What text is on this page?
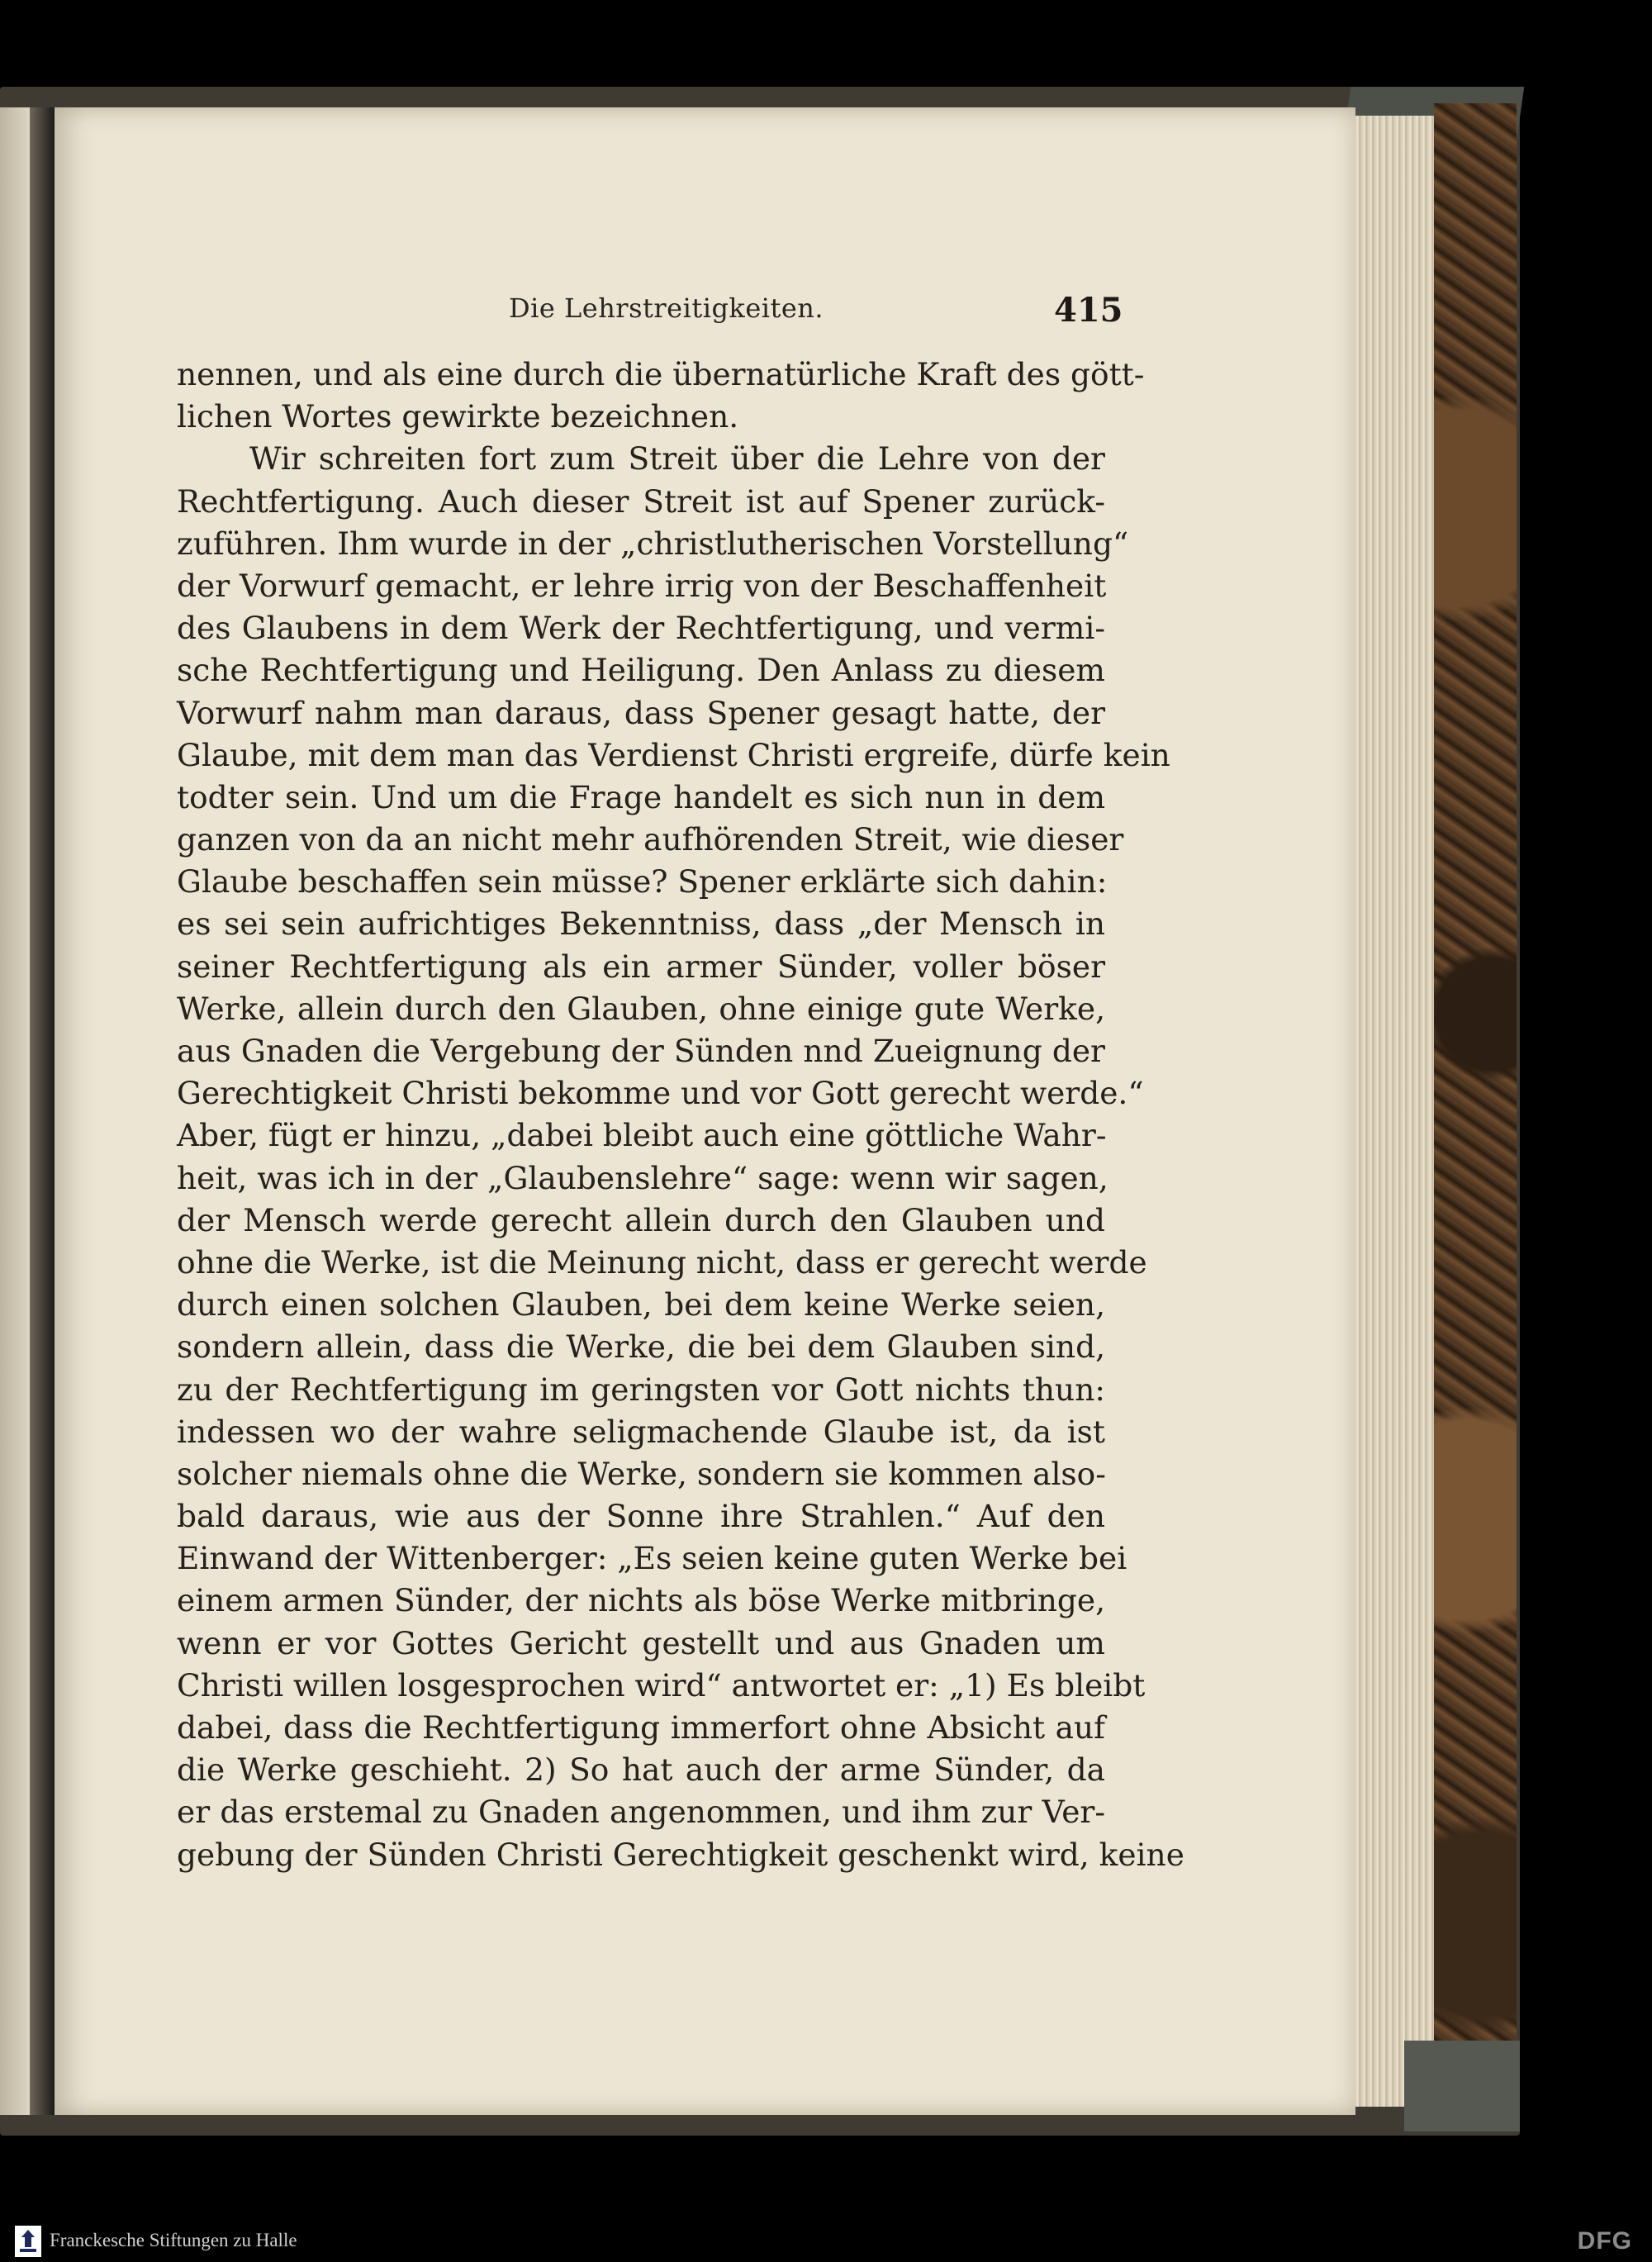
Die Lehrstreitigkeiten.	415
nennen, und als eine durch die übernatürliche Kraft des gött-
lichen Wortes gewirkte bezeichnen.
Wir schreiten fort zum Streit über die Lehre von der
Rechtfertigung. Auch dieser Streit ist auf Spener zurück-
zuführen. Ihm wurde in der „christlutherischen Vorstellung“
der Vorwurf gemacht, er lehre irrig von der Beschaffenheit
des Glaubens in dem Werk der Rechtfertigung, und vermi-
sche Rechtfertigung und Heiligung. Den Anlass zu diesem
Vorwurf nahm man daraus, dass Spener gesagt hatte, der
Glaube, mit dem man das Verdienst Christi ergreife, dürfe kein
todter sein. Und um die Frage handelt es sich nun in dem
ganzen von da an nicht mehr aufhörenden Streit, wie dieser
Glaube beschaffen sein müsse? Spener erklärte sich dahin:
es sei sein aufrichtiges Bekenntniss, dass „der Mensch in
seiner Rechtfertigung als ein armer Sünder, voller böser
Werke, allein durch den Glauben, ohne einige gute Werke,
aus Gnaden die Vergebung der Sünden nnd Zueignung der
Gerechtigkeit Christi bekomme und vor Gott gerecht werde.“
Aber, fügt er hinzu, „dabei bleibt auch eine göttliche Wahr-
heit, was ich in der „Glaubenslehre“ sage: wenn wir sagen,
der Mensch werde gerecht allein durch den Glauben und
ohne die Werke, ist die Meinung nicht, dass er gerecht werde
durch einen solchen Glauben, bei dem keine Werke seien,
sondern allein, dass die Werke, die bei dem Glauben sind,
zu der Rechtfertigung im geringsten vor Gott nichts thun:
indessen wo der wahre seligmachende Glaube ist, da ist
solcher niemals ohne die Werke, sondern sie kommen also-
bald daraus, wie aus der Sonne ihre Strahlen.“ Auf den
Einwand der Wittenberger: „Es seien keine guten Werke bei
einem armen Sünder, der nichts als böse Werke mitbringe,
wenn er vor Gottes Gericht gestellt und aus Gnaden um
Christi willen losgesprochen wird“ antwortet er: „1) Es bleibt
dabei, dass die Rechtfertigung immerfort ohne Absicht auf
die Werke geschieht. 2) So hat auch der arme Sünder, da
er das erstemal zu Gnaden angenommen, und ihm zur Ver-
gebung der Sünden Christi Gerechtigkeit geschenkt wird, keine
Franckesche Stiftungen zu Halle	DFG
